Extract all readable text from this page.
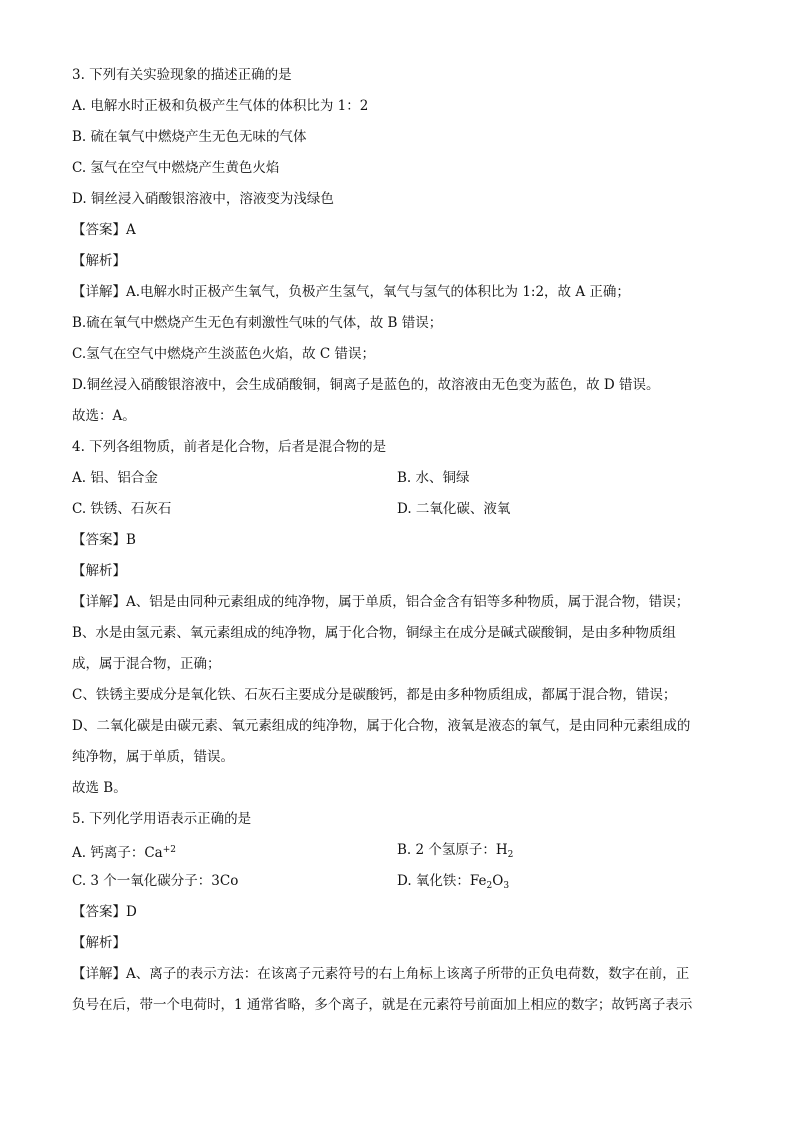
3. 下列有关实验现象的描述正确的是
A. 电解水时正极和负极产生气体的体积比为 1：2
B. 硫在氧气中燃烧产生无色无味的气体
C. 氢气在空气中燃烧产生黄色火焰
D. 铜丝浸入硝酸银溶液中，溶液变为浅绿色
【答案】A
【解析】
【详解】A.电解水时正极产生氧气，负极产生氢气，氧气与氢气的体积比为 1:2，故 A 正确；
B.硫在氧气中燃烧产生无色有刺激性气味的气体，故 B 错误；
C.氢气在空气中燃烧产生淡蓝色火焰，故 C 错误；
D.铜丝浸入硝酸银溶液中，会生成硝酸铜，铜离子是蓝色的，故溶液由无色变为蓝色，故 D 错误。
故选：A。
4. 下列各组物质，前者是化合物，后者是混合物的是
A. 铝、铝合金	B. 水、铜绿
C. 铁锈、石灰石	D. 二氧化碳、液氧
【答案】B
【解析】
【详解】A、铝是由同种元素组成的纯净物，属于单质，铝合金含有铝等多种物质，属于混合物，错误；
B、水是由氢元素、氧元素组成的纯净物，属于化合物，铜绿主在成分是碱式碳酸铜，是由多种物质组
成，属于混合物，正确；
C、铁锈主要成分是氧化铁、石灰石主要成分是碳酸钙，都是由多种物质组成，都属于混合物，错误；
D、二氧化碳是由碳元素、氧元素组成的纯净物，属于化合物，液氧是液态的氧气，是由同种元素组成的
纯净物，属于单质，错误。
故选 B。
5. 下列化学用语表示正确的是
A. 钙离子：$Ca^{+2}$	B. 2 个氢原子：$H_2$
C. 3 个一氧化碳分子：3Co	D. 氧化铁：$Fe_2O_3$
【答案】D
【解析】
【详解】A、离子的表示方法：在该离子元素符号的右上角标上该离子所带的正负电荷数，数字在前，正
负号在后，带一个电荷时，1 通常省略，多个离子，就是在元素符号前面加上相应的数字；故钙离子表示
